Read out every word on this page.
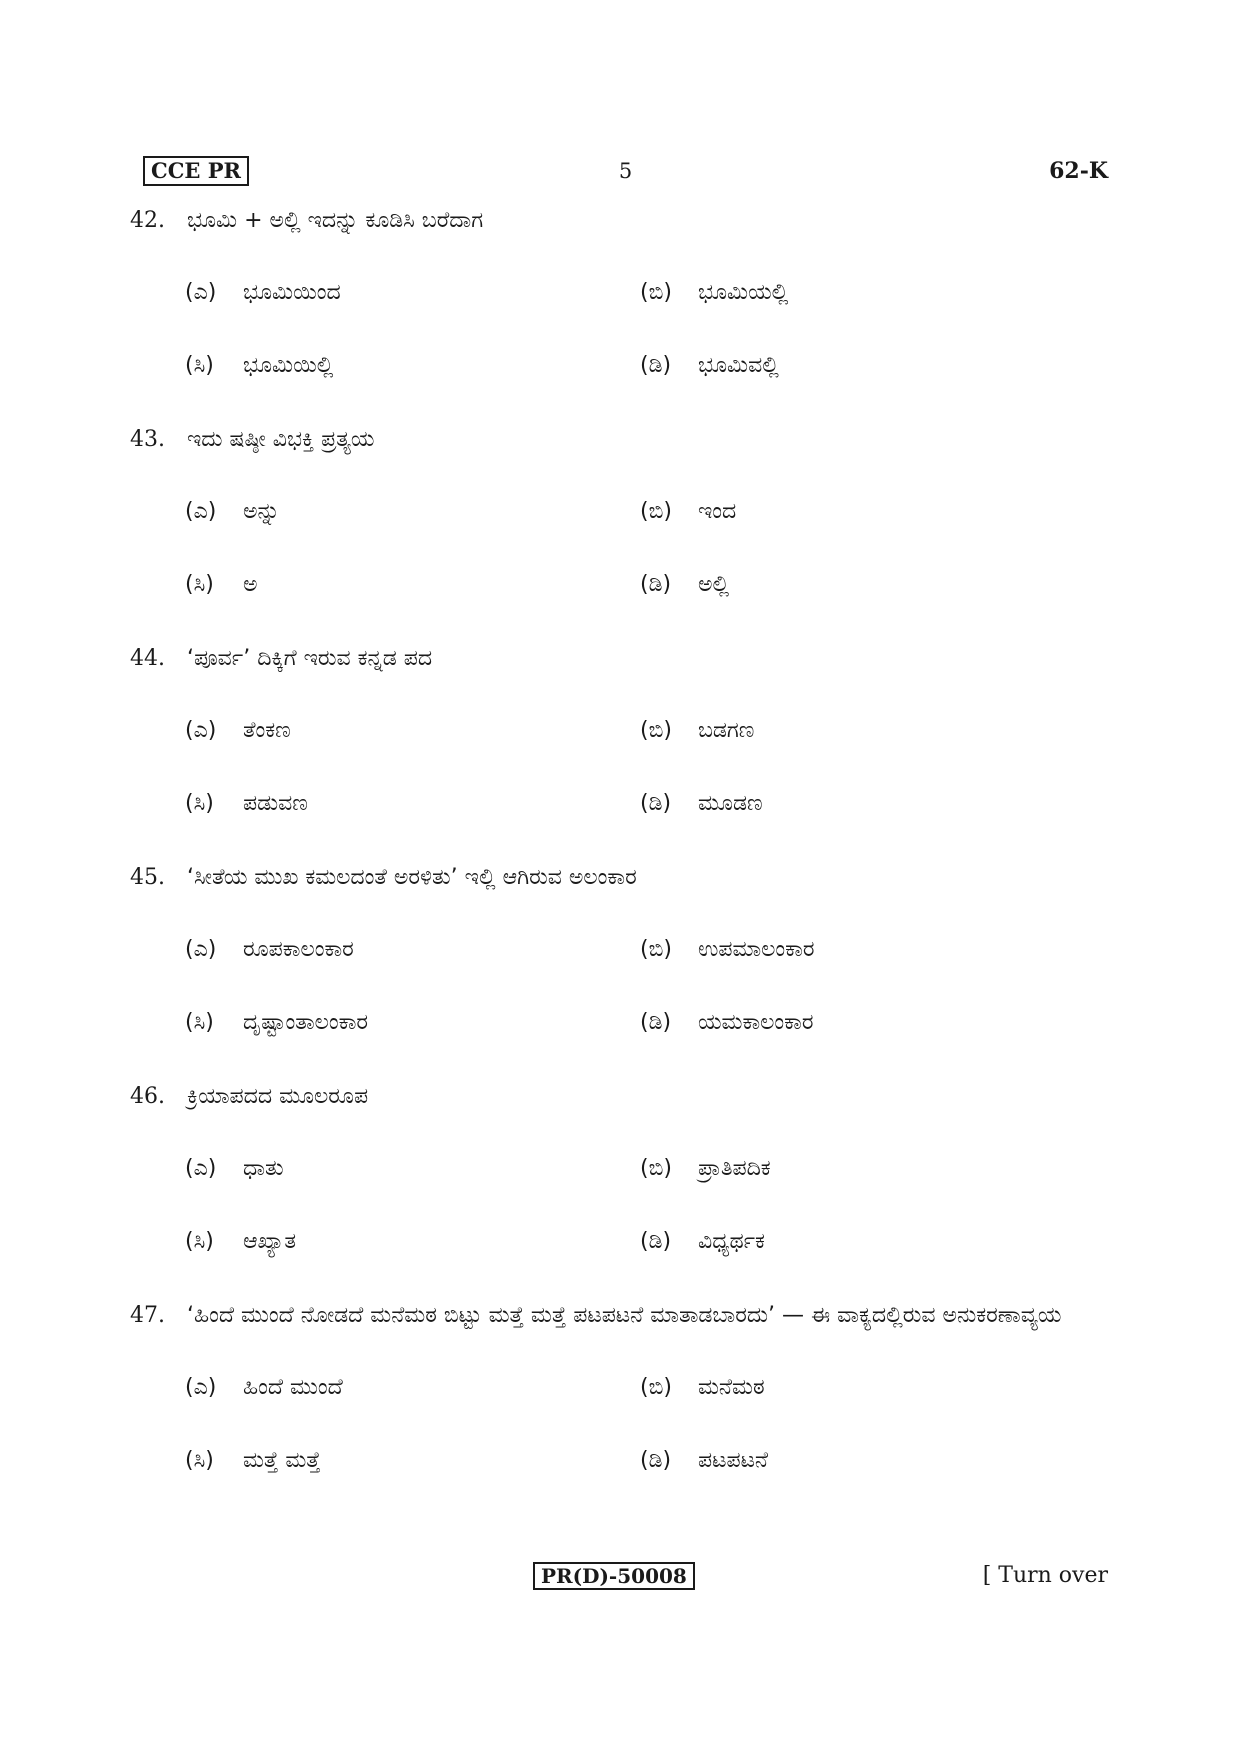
CCE PR	5	62-K
42.	ಭೂಮಿ + ಅಲ್ಲಿ ಇದನ್ನು ಕೂಡಿಸಿ ಬರೆದಾಗ
(ಎ)	ಭೂಮಿಯಿಂದ	(ಬಿ)	ಭೂಮಿಯಲ್ಲಿ
(ಸಿ)	ಭೂಮಿಯಿಲ್ಲಿ	(ಡಿ)	ಭೂಮಿವಲ್ಲಿ
43.	ಇದು ಷಷ್ಠೀ ವಿಭಕ್ತಿ ಪ್ರತ್ಯಯ
(ಎ)	ಅನ್ನು	(ಬಿ)	ಇಂದ
(ಸಿ)	ಅ	(ಡಿ)	ಅಲ್ಲಿ
44.	‘ಪೂರ್ವ’ ದಿಕ್ಕಿಗೆ ಇರುವ ಕನ್ನಡ ಪದ
(ಎ)	ತೆಂಕಣ	(ಬಿ)	ಬಡಗಣ
(ಸಿ)	ಪಡುವಣ	(ಡಿ)	ಮೂಡಣ
45.	‘ಸೀತೆಯ ಮುಖ ಕಮಲದಂತೆ ಅರಳಿತು’ ಇಲ್ಲಿ ಆಗಿರುವ ಅಲಂಕಾರ
(ಎ)	ರೂಪಕಾಲಂಕಾರ	(ಬಿ)	ಉಪಮಾಲಂಕಾರ
(ಸಿ)	ದೃಷ್ಟಾಂತಾಲಂಕಾರ	(ಡಿ)	ಯಮಕಾಲಂಕಾರ
46.	ಕ್ರಿಯಾಪದದ ಮೂಲರೂಪ
(ಎ)	ಧಾತು	(ಬಿ)	ಪ್ರಾತಿಪದಿಕ
(ಸಿ)	ಆಖ್ಯಾತ	(ಡಿ)	ವಿಧ್ಯರ್ಥಕ
47.	‘ಹಿಂದೆ ಮುಂದೆ ನೋಡದೆ ಮನೆಮಠ ಬಿಟ್ಟು ಮತ್ತೆ ಮತ್ತೆ ಪಟಪಟನೆ ಮಾತಾಡಬಾರದು’ — ಈ ವಾಕ್ಯದಲ್ಲಿರುವ ಅನುಕರಣಾವ್ಯಯ
(ಎ)	ಹಿಂದೆ ಮುಂದೆ	(ಬಿ)	ಮನೆಮಠ
(ಸಿ)	ಮತ್ತೆ ಮತ್ತೆ	(ಡಿ)	ಪಟಪಟನೆ
PR(D)-50008	[ Turn over
